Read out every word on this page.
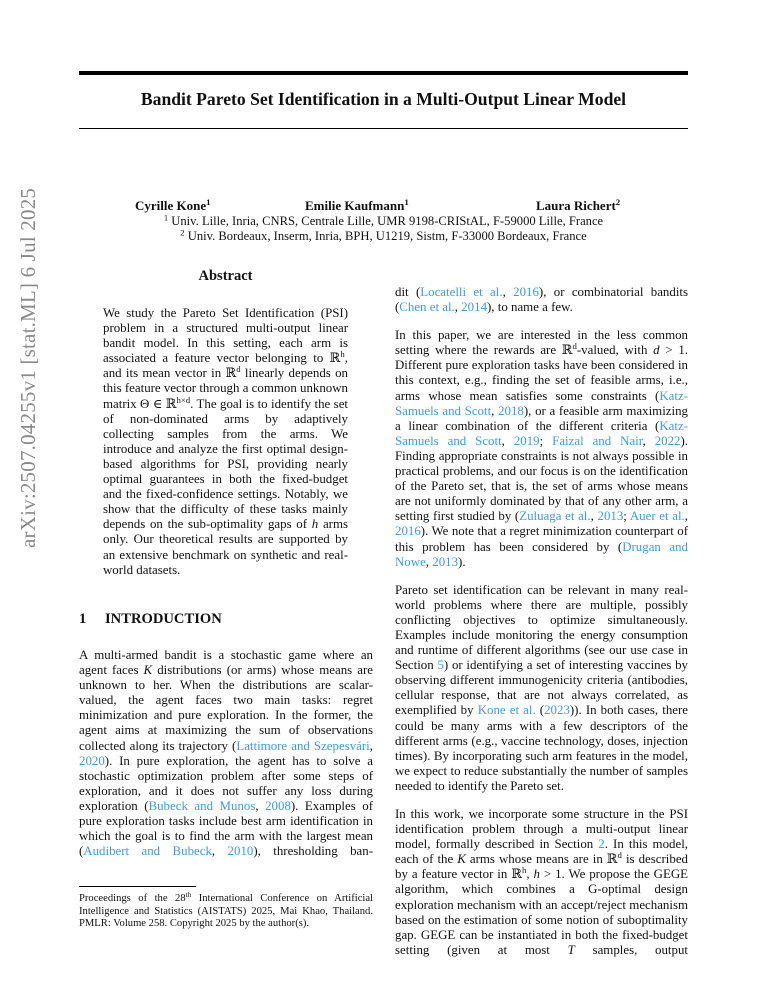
arXiv:2507.04255v1 [stat.ML] 6 Jul 2025
Bandit Pareto Set Identification in a Multi-Output Linear Model
Cyrille Kone$^1$	Emilie Kaufmann$^1$	Laura Richert$^2$
$^1$ Univ. Lille, Inria, CNRS, Centrale Lille, UMR 9198-CRIStAL, F-59000 Lille, France
$^2$ Univ. Bordeaux, Inserm, Inria, BPH, U1219, Sistm, F-33000 Bordeaux, France
Abstract

We study the Pareto Set Identification (PSI) problem in a structured multi-output linear bandit model. In this setting, each arm is associated a feature vector belonging to ℝ$^h$, and its mean vector in ℝ$^d$ linearly depends on this feature vector through a common unknown matrix Θ ∈ ℝ$^{h\times d}$. The goal is to identify the set of non-dominated arms by adaptively collecting samples from the arms. We introduce and analyze the first optimal design-based algorithms for PSI, providing nearly optimal guarantees in both the fixed-budget and the fixed-confidence settings. Notably, we show that the difficulty of these tasks mainly depends on the sub-optimality gaps of h arms only. Our theoretical results are supported by an extensive benchmark on synthetic and real-world datasets.

1 INTRODUCTION

A multi-armed bandit is a stochastic game where an agent faces K distributions (or arms) whose means are unknown to her. When the distributions are scalar-valued, the agent faces two main tasks: regret minimization and pure exploration. In the former, the agent aims at maximizing the sum of observations collected along its trajectory (Lattimore and Szepesvári, 2020). In pure exploration, the agent has to solve a stochastic optimization problem after some steps of exploration, and it does not suffer any loss during exploration (Bubeck and Munos, 2008). Examples of pure exploration tasks include best arm identification in which the goal is to find the arm with the largest mean (Audibert and Bubeck, 2010), thresholding ban-

Proceedings of the 28th International Conference on Artificial Intelligence and Statistics (AISTATS) 2025, Mai Khao, Thailand. PMLR: Volume 258. Copyright 2025 by the author(s).

dit (Locatelli et al., 2016), or combinatorial bandits (Chen et al., 2014), to name a few.

In this paper, we are interested in the less common setting where the rewards are ℝ$^d$-valued, with d > 1. Different pure exploration tasks have been considered in this context, e.g., finding the set of feasible arms, i.e., arms whose mean satisfies some constraints (Katz-Samuels and Scott, 2018), or a feasible arm maximizing a linear combination of the different criteria (Katz-Samuels and Scott, 2019; Faizal and Nair, 2022). Finding appropriate constraints is not always possible in practical problems, and our focus is on the identification of the Pareto set, that is, the set of arms whose means are not uniformly dominated by that of any other arm, a setting first studied by (Zuluaga et al., 2013; Auer et al., 2016). We note that a regret minimization counterpart of this problem has been considered by (Drugan and Nowe, 2013).

Pareto set identification can be relevant in many real-world problems where there are multiple, possibly conflicting objectives to optimize simultaneously. Examples include monitoring the energy consumption and runtime of different algorithms (see our use case in Section 5) or identifying a set of interesting vaccines by observing different immunogenicity criteria (antibodies, cellular response, that are not always correlated, as exemplified by Kone et al. (2023)). In both cases, there could be many arms with a few descriptors of the different arms (e.g., vaccine technology, doses, injection times). By incorporating such arm features in the model, we expect to reduce substantially the number of samples needed to identify the Pareto set.

In this work, we incorporate some structure in the PSI identification problem through a multi-output linear model, formally described in Section 2. In this model, each of the K arms whose means are in ℝ$^d$ is described by a feature vector in ℝ$^h$, h > 1. We propose the GEGE algorithm, which combines a G-optimal design exploration mechanism with an accept/reject mechanism based on the estimation of some notion of suboptimality gap. GEGE can be instantiated in both the fixed-budget setting (given at most T samples, output
